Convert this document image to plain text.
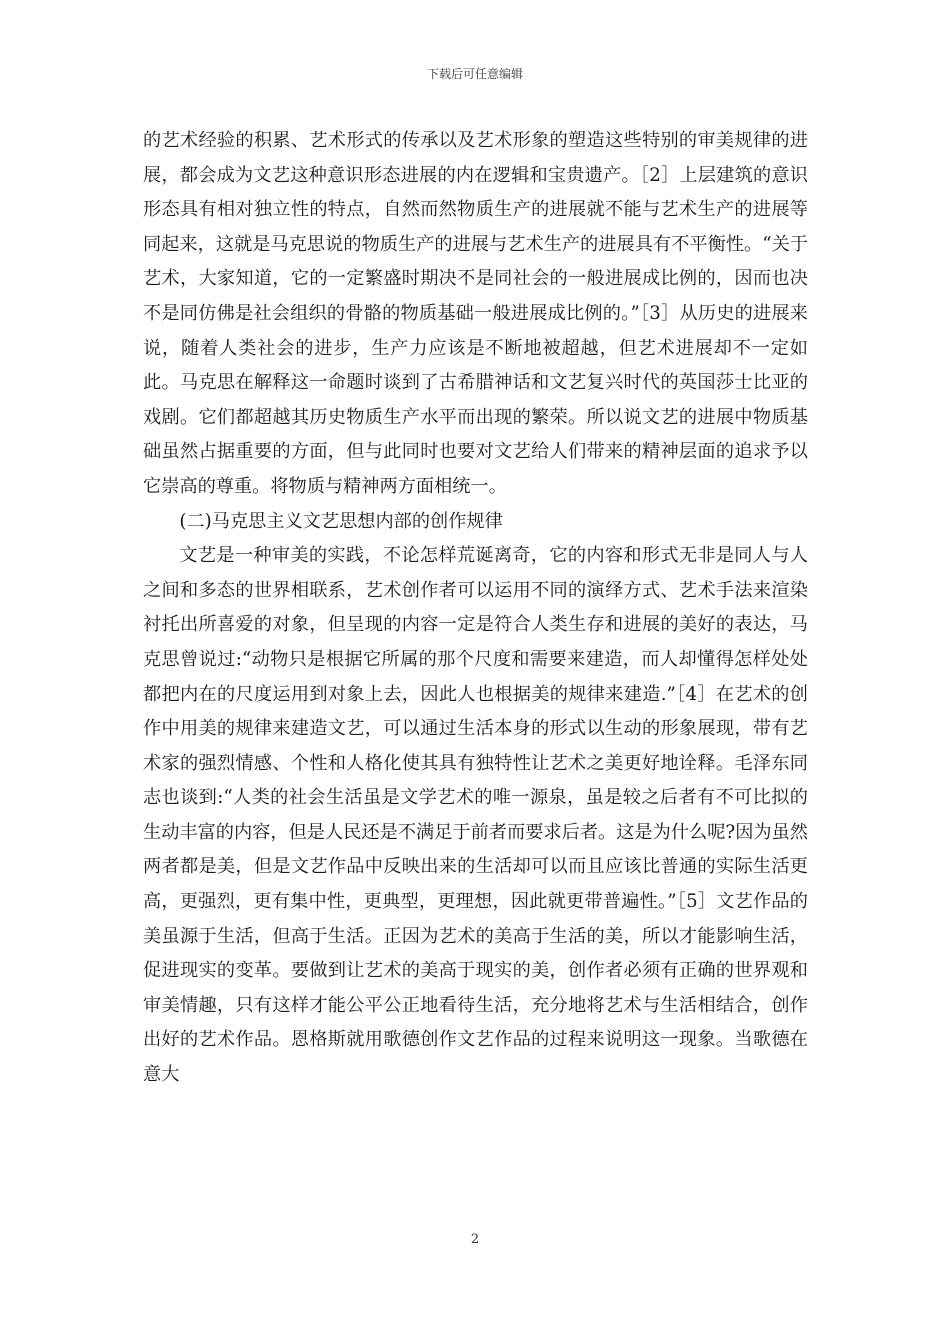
下载后可任意编辑

的艺术经验的积累、艺术形式的传承以及艺术形象的塑造这些特别的审美规律的进展，都会成为文艺这种意识形态进展的内在逻辑和宝贵遗产。［2］上层建筑的意识形态具有相对独立性的特点，自然而然物质生产的进展就不能与艺术生产的进展等同起来，这就是马克思说的物质生产的进展与艺术生产的进展具有不平衡性。“关于艺术，大家知道，它的一定繁盛时期决不是同社会的一般进展成比例的，因而也决不是同仿佛是社会组织的骨骼的物质基础一般进展成比例的。”［3］从历史的进展来说，随着人类社会的进步，生产力应该是不断地被超越，但艺术进展却不一定如此。马克思在解释这一命题时谈到了古希腊神话和文艺复兴时代的英国莎士比亚的戏剧。它们都超越其历史物质生产水平而出现的繁荣。所以说文艺的进展中物质基础虽然占据重要的方面，但与此同时也要对文艺给人们带来的精神层面的追求予以它崇高的尊重。将物质与精神两方面相统一。

(二)马克思主义文艺思想内部的创作规律

文艺是一种审美的实践，不论怎样荒诞离奇，它的内容和形式无非是同人与人之间和多态的世界相联系，艺术创作者可以运用不同的演绎方式、艺术手法来渲染衬托出所喜爱的对象，但呈现的内容一定是符合人类生存和进展的美好的表达，马克思曾说过:“动物只是根据它所属的那个尺度和需要来建造，而人却懂得怎样处处都把内在的尺度运用到对象上去，因此人也根据美的规律来建造.”［4］在艺术的创作中用美的规律来建造文艺，可以通过生活本身的形式以生动的形象展现，带有艺术家的强烈情感、个性和人格化使其具有独特性让艺术之美更好地诠释。毛泽东同志也谈到:“人类的社会生活虽是文学艺术的唯一源泉，虽是较之后者有不可比拟的生动丰富的内容，但是人民还是不满足于前者而要求后者。这是为什么呢?因为虽然两者都是美，但是文艺作品中反映出来的生活却可以而且应该比普通的实际生活更高，更强烈，更有集中性，更典型，更理想，因此就更带普遍性。”［5］文艺作品的美虽源于生活，但高于生活。正因为艺术的美高于生活的美，所以才能影响生活，促进现实的变革。要做到让艺术的美高于现实的美，创作者必须有正确的世界观和审美情趣，只有这样才能公平公正地看待生活，充分地将艺术与生活相结合，创作出好的艺术作品。恩格斯就用歌德创作文艺作品的过程来说明这一现象。当歌德在意大

2
